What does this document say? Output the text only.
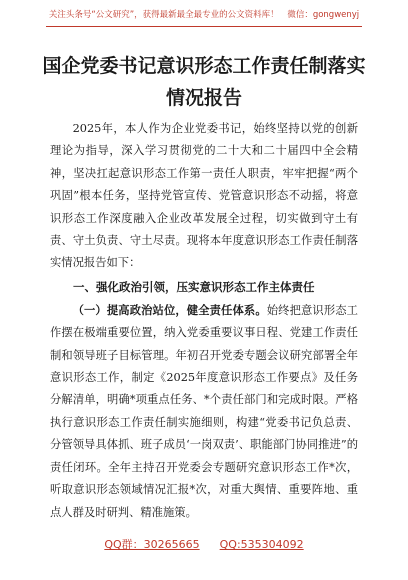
关注头条号“公文研究”，获得最新最全最专业的公文资料库！ 微信：gongwenyj
国企党委书记意识形态工作责任制落实情况报告

2025年，本人作为企业党委书记，始终坚持以党的创新理论为指导，深入学习贯彻党的二十大和二十届四中全会精神，坚决扛起意识形态工作第一责任人职责，牢牢把握“两个巩固”根本任务，坚持党管宣传、党管意识形态不动摇，将意识形态工作深度融入企业改革发展全过程，切实做到守土有责、守土负责、守土尽责。现将本年度意识形态工作责任制落实情况报告如下：

一、强化政治引领，压实意识形态工作主体责任

（一）提高政治站位，健全责任体系。始终把意识形态工作摆在极端重要位置，纳入党委重要议事日程、党建工作责任制和领导班子目标管理。年初召开党委专题会议研究部署全年意识形态工作，制定《2025年度意识形态工作要点》及任务分解清单，明确*项重点任务、*个责任部门和完成时限。严格执行意识形态工作责任制实施细则，构建“党委书记负总责、分管领导具体抓、班子成员‘一岗双责’、职能部门协同推进”的责任闭环。全年主持召开党委会专题研究意识形态工作*次，听取意识形态领域情况汇报*次，对重大舆情、重要阵地、重点人群及时研判、精准施策。

QQ群：30265665 QQ:535304092
